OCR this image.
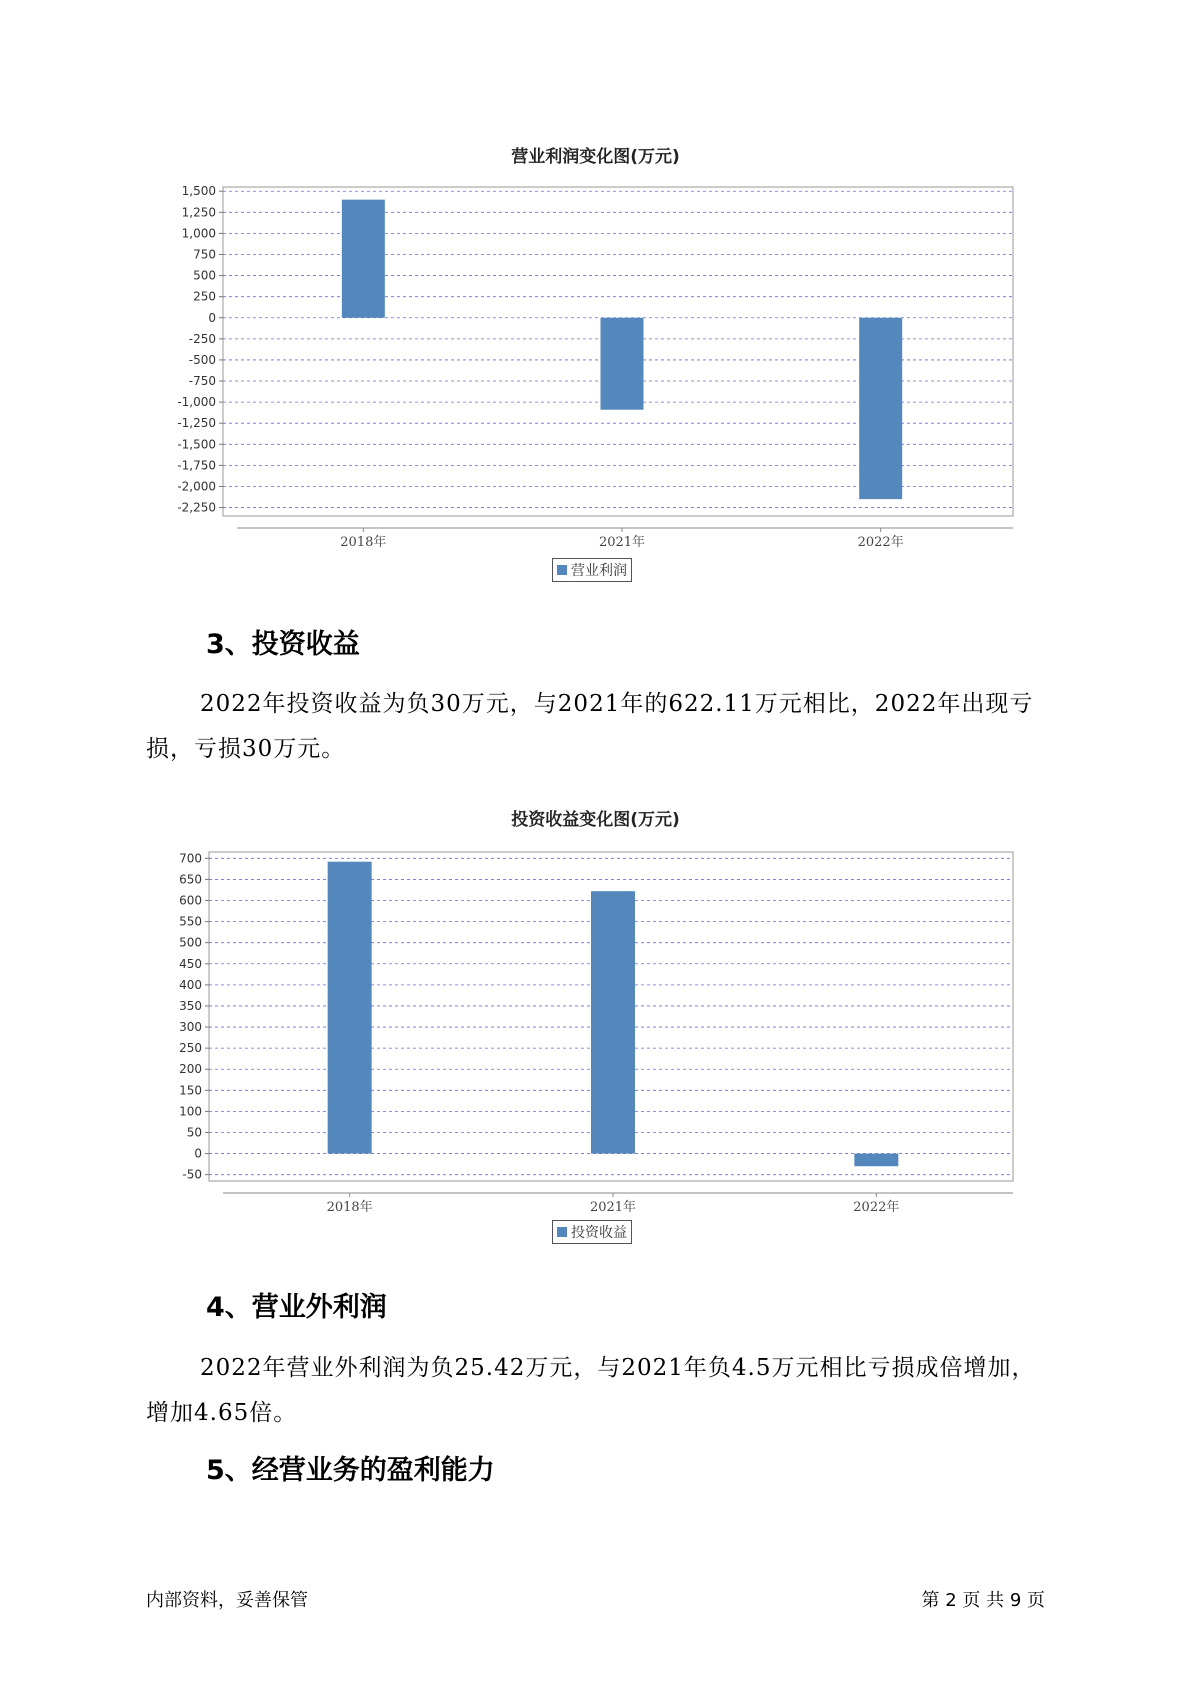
营业利润变化图(万元)
1,500
1,250
1,000
750
500
250
0
-250
-500
-750
-1,000
-1,250
-1,500
-1,750
-2,000
-2,250
2018年	2021年	2022年
营业利润
3、投资收益

2022年投资收益为负30万元，与2021年的622.11万元相比，2022年出现亏损，亏损30万元。

投资收益变化图(万元)
700
650
600
550
500
450
400
350
300
250
200
150
100
50
0
-50
2018年	2021年	2022年
投资收益
4、营业外利润

2022年营业外利润为负25.42万元，与2021年负4.5万元相比亏损成倍增加，增加4.65倍。

5、经营业务的盈利能力
内部资料，妥善保管	第 2 页 共 9 页
